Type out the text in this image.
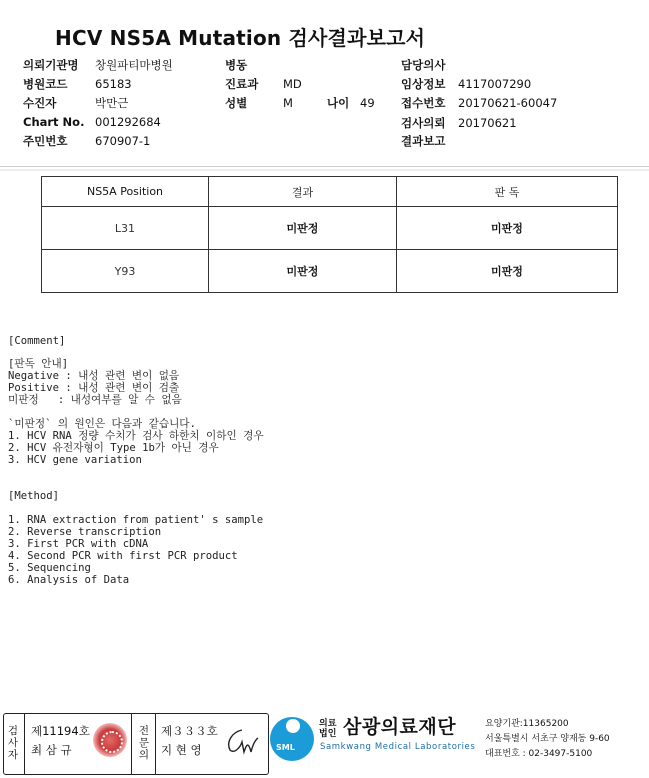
HCV NS5A Mutation 검사결과보고서
의뢰기관명 창원파티마병원	병동	담당의사
병원코드 65183	진료과 MD	임상정보 4117007290
수진자	박만근	성별	M	나이 49 접수번호 20170621-60047
Chart No. 001292684	검사의뢰 20170621
주민번호 670907-1	결과보고
NS5A Position	결과	판 독
L31	미판정	미판정
Y93	미판정	미판정
[Comment]
[판독 안내]
Negative : 내성 관련 변이 없음
Positive : 내성 관련 변이 검출
미판정   : 내성여부를 알 수 없음
`미판정` 의 원인은 다음과 같습니다.
1. HCV RNA 정량 수치가 검사 하한치 이하인 경우
2. HCV 유전자형이 Type 1b가 아닌 경우
3. HCV gene variation
[Method]
1. RNA extraction from patient' s sample
2. Reverse transcription
3. First PCR with cDNA
4. Second PCR with first PCR product
5. Sequencing
6. Analysis of Data
검사자
전문의
제11194호
최 삼 규
제３３３호
지 현 영	SML
의료
법인 삼광의료재단
Samkwang Medical Laboratories
요양기관:11365200
서울특별시 서초구 양재동 9-60
대표번호 : 02-3497-5100
